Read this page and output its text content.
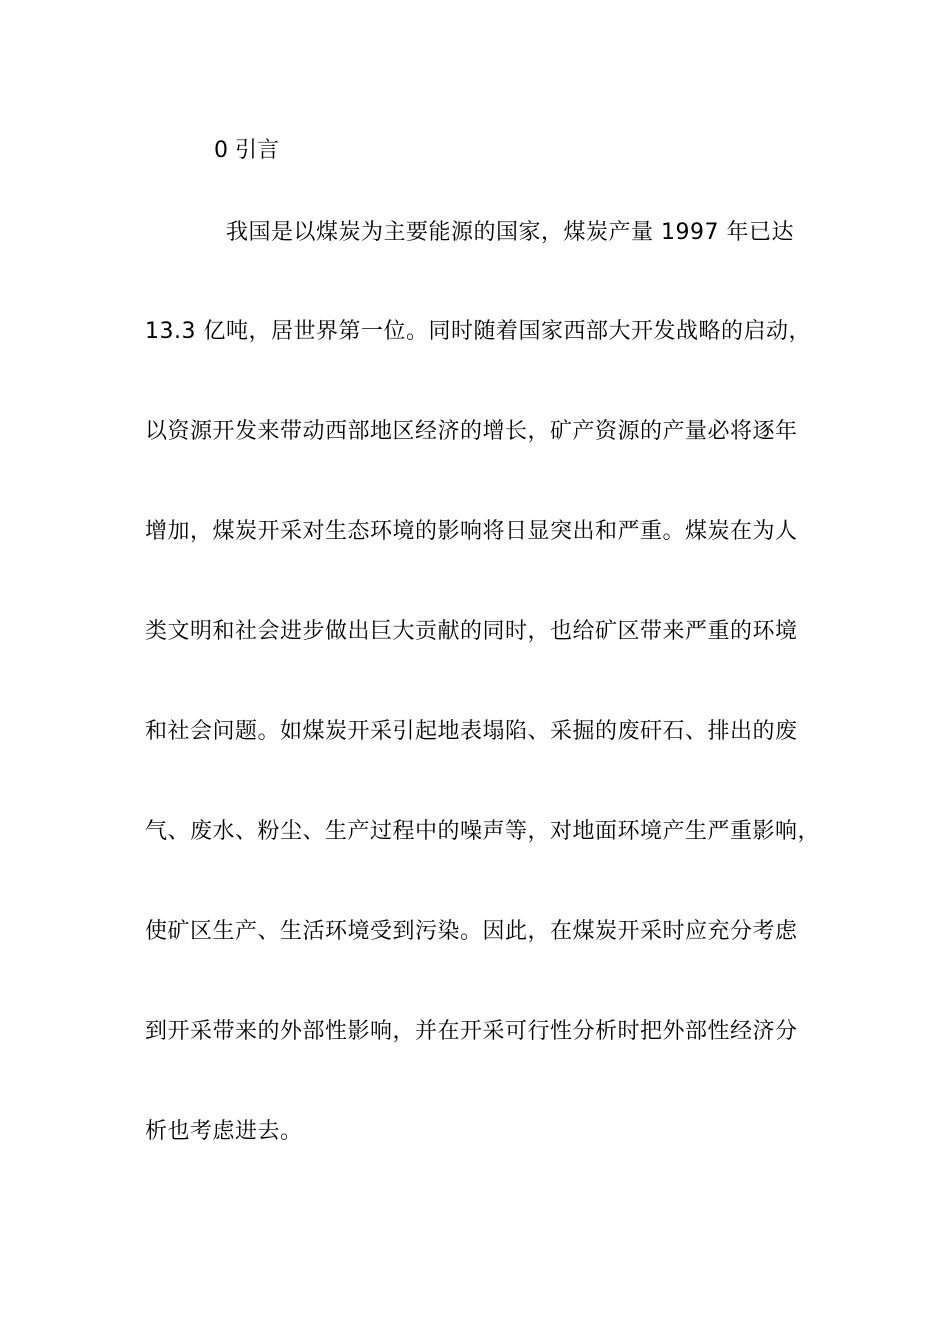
0 引言
我国是以煤炭为主要能源的国家，煤炭产量 1997 年已达
13.3 亿吨，居世界第一位。同时随着国家西部大开发战略的启动，
以资源开发来带动西部地区经济的增长，矿产资源的产量必将逐年
增加，煤炭开采对生态环境的影响将日显突出和严重。煤炭在为人
类文明和社会进步做出巨大贡献的同时，也给矿区带来严重的环境
和社会问题。如煤炭开采引起地表塌陷、采掘的废矸石、排出的废
气、废水、粉尘、生产过程中的噪声等，对地面环境产生严重影响，
使矿区生产、生活环境受到污染。因此，在煤炭开采时应充分考虑
到开采带来的外部性影响，并在开采可行性分析时把外部性经济分
析也考虑进去。
